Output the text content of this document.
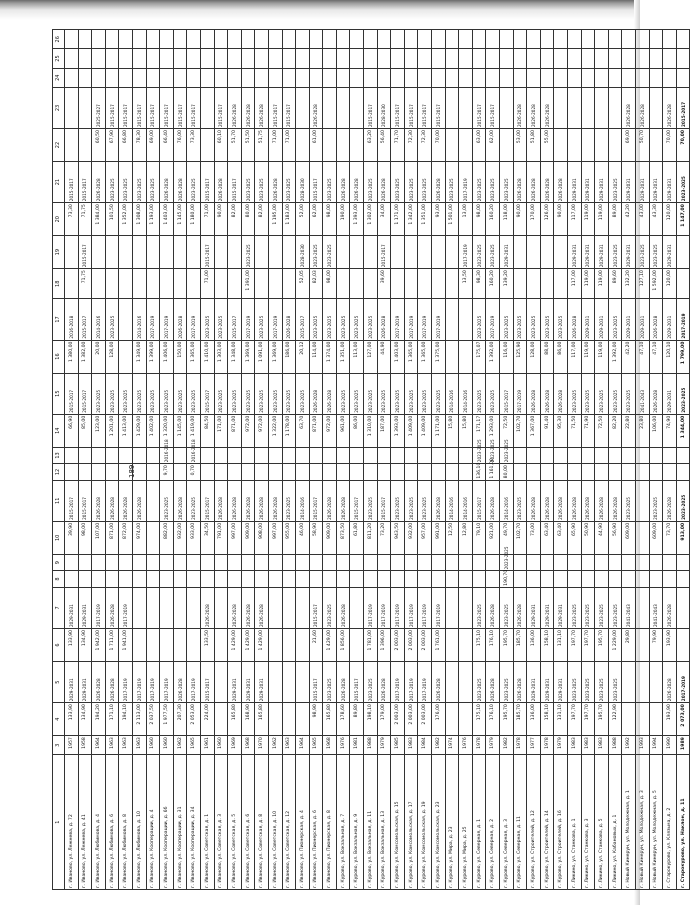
189
1		3	4	5	6	7	8	9	10	11	12	13	14	15	16	17	18	19	20	21	22	23	24	25	26
г. Иваново, ул. Лежнева, д. 72		1957	133,90	2029-2031	133,90	2029-2031			39,90	2015-2017			66,90	2015-2017	1 380,00	2016-2018			73,30	2015-2017					
г. Иваново, ул. Лежнева, д. 41		1958	134,90	2029-2031	134,90	2029-2031			98,00	2015-2017			85,00	2015-2017	1 382,00	2015-2017	71,75	2015-2017	71,75	2015-2017					
г. Иваново, ул. Любимова, д. 4		1964	194,20	2026-2028	1 942,00	2017-2019			107,00	2026-2028			123,00	2023-2025	20,00	2014-2016			1 384,00	2026-2028	60,50	2025-2027			
г. Иваново, ул. Любимова, д. 6		1963	171,10	2026-2028	1 711,00	2026-2028			871,00	2026-2028			1 201,00	2023-2025	128,00	2023-2025			101,50	2023-2025	67,90	2015-2017			
г. Иваново, ул. Любимова, д. 8		1963	194,10	2017-2019	1 941,00	2017-2019			872,00	2026-2028			1 413,00	2023-2025					1 352,00	2023-2025	66,80	2015-2017			
г. Иваново, ул. Любимова, д. 10		1963	2 113,00	2017-2019					974,00	2026-2028			1 429,00	2023-2025	1 349,00	2014-2016			1 308,00	2023-2025	78,30	2015-2017			
г. Иваново, ул. Кооперации, д. 4		1960	2 037,50	2017-2019									1 402,00	2023-2025	1 399,00	2017-2019			1 193,00	2023-2025	69,00	2015-2017			
г. Иваново, ул. Кооперации, д. 6б		1960	1 977,50	2017-2019					882,00	2023-2025	9,70	2016-2018	1 320,00	2023-2025	1 406,00	2017-2019			1 403,00	2026-2028	66,40	2015-2017			
г. Иваново, ул. Кооперации, д. 31		1962	207,30	2026-2028					932,00	2026-2028			1 145,00	2023-2025	150,00	2026-2028			1 145,00	2026-2028	76,00	2015-2017			
г. Иваново, ул. Кооперации, д. 34		1965	2 053,00	2017-2019					933,00	2023-2025	0,70	2016-2018	1 419,00	2023-2025	1 365,00	2017-2019			1 180,00	2023-2025	73,30	2015-2017			
г. Иваново, ул. Советская, д. 1		1961	224,00	2015-2017	133,50	2026-2028			34,50	2015-2017			84,50	2015-2017	1 410,00	2023-2025	71,00	2015-2017	71,00	2015-2017					
г. Иваново, ул. Советская, д. 3		1960							791,00	2026-2028			171,00	2023-2025	1 303,00	2023-2025			90,00	2026-2028	60,10	2015-2017			
г. Иваново, ул. Советская, д. 5		1969	165,80	2029-2031	1 429,00	2026-2028			997,00	2026-2028			871,00	2023-2025	1 348,00	2015-2017			82,00	2015-2017	51,70	2026-2028			
г. Иваново, ул. Советская, д. 6		1968	168,90	2029-2031	1 429,00	2026-2028			909,00	2026-2028			972,00	2023-2025	1 369,00	2017-2019	1 391,00	2023-2025	80,00	2023-2025	51,50	2026-2028			
г. Иваново, ул. Советская, д. 8		1970	165,80	2029-2031	1 429,00	2026-2028			908,00	2026-2028			972,00	2023-2025	1 091,00	2023-2025			82,00	2023-2025	51,75	2026-2028			
г. Иваново, ул. Советская, д. 10		1962							997,00	2026-2028			1 322,00	2023-2025	1 369,00	2017-2019			1 195,00	2026-2028	71,00	2015-2017			
г. Иваново, ул. Советская, д. 12		1963							955,00	2023-2025			1 178,00	2023-2025	186,00	2026-2028			1 183,00	2023-2025	71,00	2015-2017			
г. Иваново, ул. Пионерская, д. 4		1964							46,00	2014-2016			63,70	2023-2025	20,12	2015-2017	52,05	2028-2030	52,00	2028-2030					
г. Иваново, ул. Пионерская, д. 6		1965	98,90	2015-2017	21,60	2015-2017			58,90	2015-2017			871,00	2026-2028	114,00	2023-2025	82,03	2023-2025	62,00	2015-2017	61,00	2026-2028			
г. Иваново, ул. Пионерская, д. 8		1968	165,80	2023-2025	1 429,00	2023-2025			909,00	2026-2028			972,00	2026-2028	1 374,00	2023-2025	98,00	2023-2025	98,00	2023-2025					
г. Курово, ул. Вокзальная, д. 7		1976	178,60	2026-2028	1 856,00	2026-2028			873,50	2026-2028			961,00	2023-2025	1 351,00	2023-2025			190,00	2026-2028					
г. Курово, ул. Вокзальная, д. 9		1981	89,80	2015-2017					61,80	2015-2017			86,00	2023-2025	113,00	2023-2025			1 393,00	2026-2028					
г. Курово, ул. Вокзальная, д. 11		1988	198,10	2023-2025	1 781,00	2017-2019			811,20	2023-2025			1 310,00	2023-2025	127,00	2023-2025			1 302,00	2023-2025	63,20	2015-2017			
г. Курово, ул. Вокзальная, д. 13		1979	179,00	2026-2028	1 396,00	2017-2019			73,20	2015-2017			187,00	2023-2025	44,90	2026-2028	39,60	2015-2017	34,00	2026-2028	56,40	2028-2030			
г. Курово, ул. Комсомольская, д. 15		1985	2 003,00	2017-2019	2 003,00	2017-2019			943,50	2023-2025			1 393,00	2023-2025	1 403,00	2017-2019			1 171,00	2023-2025	71,70	2015-2017			
г. Курово, ул. Комсомольская, д. 17		1983	2 003,00	2017-2019	2 003,00	2017-2019			932,00	2023-2025			1 409,00	2023-2025	1 365,00	2017-2019			1 342,00	2023-2025	72,30	2015-2017			
г. Курово, ул. Комсомольская, д. 19		1984	2 003,00	2017-2019	2 003,00	2017-2019			957,00	2023-2025			1 409,00	2023-2025	1 365,00	2017-2019			1 351,00	2023-2025	72,30	2015-2017			
г. Курово, ул. Комсомольская, д. 23		1982	176,00	2026-2028	1 761,00	2017-2019			991,00	2026-2028			1 171,00	2023-2025	1 375,00	2017-2019			93,00	2026-2028	70,00	2015-2017			
г. Курово, ул. Мира, д. 23		1974							12,50	2014-2016			15,80	2014-2016					1 501,00	2023-2025					
г. Курово, ул. Мира, д. 25		1976							12,80	2014-2016			15,80	2014-2016			13,50	2017-2019	13,00	2017-2019					
г. Курово, ул. Северная, д. 1		1978	175,10	2023-2025	175,10	2023-2025			79,10	2015-2017	136,10	2023-2025	171,17	2023-2025	175,07	2023-2025	98,30	2023-2025	98,00	2023-2025	63,00	2015-2017			
г. Курово, ул. Северная, д. 2		1979	176,10	2026-2028	176,10	2026-2028			921,00	2026-2028	1 161,00	2023-2025	1 293,00	2023-2025	1 392,00	2017-2019	160,20	2023-2025	160,20	2023-2025	62,00	2015-2017			
г. Курово, ул. Северная, д. 3		1982	195,70	2023-2025	195,70	2023-2025	190,70	2023-2025	49,70	2014-2016	80,00	2023-2025	72,50	2015-2017	116,00	2023-2025	139,20	2029-2031	118,00	2023-2025					
г. Курово, ул. Северная, д. 11		1978	185,70	2026-2028	185,70	2026-2028			102,70	2023-2025			102,70	2017-2019	125,90	2023-2025			90,00	2026-2028	53,00	2026-2028			
г. Курово, ул. Строителей, д. 12		1977	136,00	2029-2031	136,00	2029-2031			73,00	2026-2028			1 367,00	2026-2028	128,00	2023-2025			170,00	2026-2028	51,80	2026-2028			
г. Курово, ул. Строителей, д. 14		1978	158,10	2029-2031	158,10	2029-2031			63,40	2026-2028			91,40	2026-2028	88,00	2023-2025			126,00	2026-2028	55,00	2026-2028			
г. Курово, ул. Строителей, д. 16		1979	131,10	2029-2031	131,10	2029-2031			63,40	2026-2028			95,30	2026-2028	86,00	2023-2025			90,00	2026-2028					
г. Ликино, ул. Станкова, д. 1		1983	197,70	2023-2025	197,70	2023-2025			65,90	2026-2028			71,50	2023-2025	117,00	2026-2028	117,00	2029-2031	117,00	2029-2031					
г. Ликино, ул. Станкова, д. 3		1983	197,70	2023-2025	197,70	2023-2025			50,90	2026-2028			71,90	2023-2025	119,00	2029-2031	119,00	2029-2031	119,00	2029-2031					
г. Ликино, ул. Станкова, д. 5		1983	195,70	2023-2025	195,70	2023-2025			44,90	2026-2028			72,50	2023-2025	119,00	2029-2031	119,00	2029-2031	119,00	2029-2031					
г. Ликино, ул. Кабановых, д. 1		1988	122,90	2023-2025	1 229,00	2023-2025			56,90	2026-2028			82,20	2023-2025	1 392,00	2023-2025	89,60	2023-2025	89,00	2023-2025					
г. Новый Кинерун, ул. Молодежная, д. 1		1992			29,80	2041-2043			609,00	2023-2025			22,80	2023-2025	42,20	2029-2031	132,20	2029-2031	42,20	2029-2031	69,00	2026-2028			
г. Новый Кинерун, ул. Молодежная, д. 3		1993											23,80	2041-2043	47,10	2029-2031	127,10	2023-2025	43,00	2029-2031	50,70	2026-2028			
г. Новый Кинерун, ул. Молодежная, д. 5		1994			79,90	2041-2043			609,00	2023-2025			106,00	2026-2028	47,10	2026-2028	1 592,00	2023-2025	43,30	2029-2031					
г. Старокурово, ул. Клязьма, д. 2		1990	193,90	2026-2028	193,90	2026-2028			73,70	2026-2028			74,90	2029-2031	120,10	2029-2031	120,00	2029-2031	120,00	2029-2031	70,00	2026-2028			
г. Старокурово, ул. Наклон, д. 11		1989	2 073,00	2017-2019					913,00	2023-2025			1 344,00	2023-2025	1 799,00	2017-2019			1 147,00	2023-2025	70,00	2015-2017			
